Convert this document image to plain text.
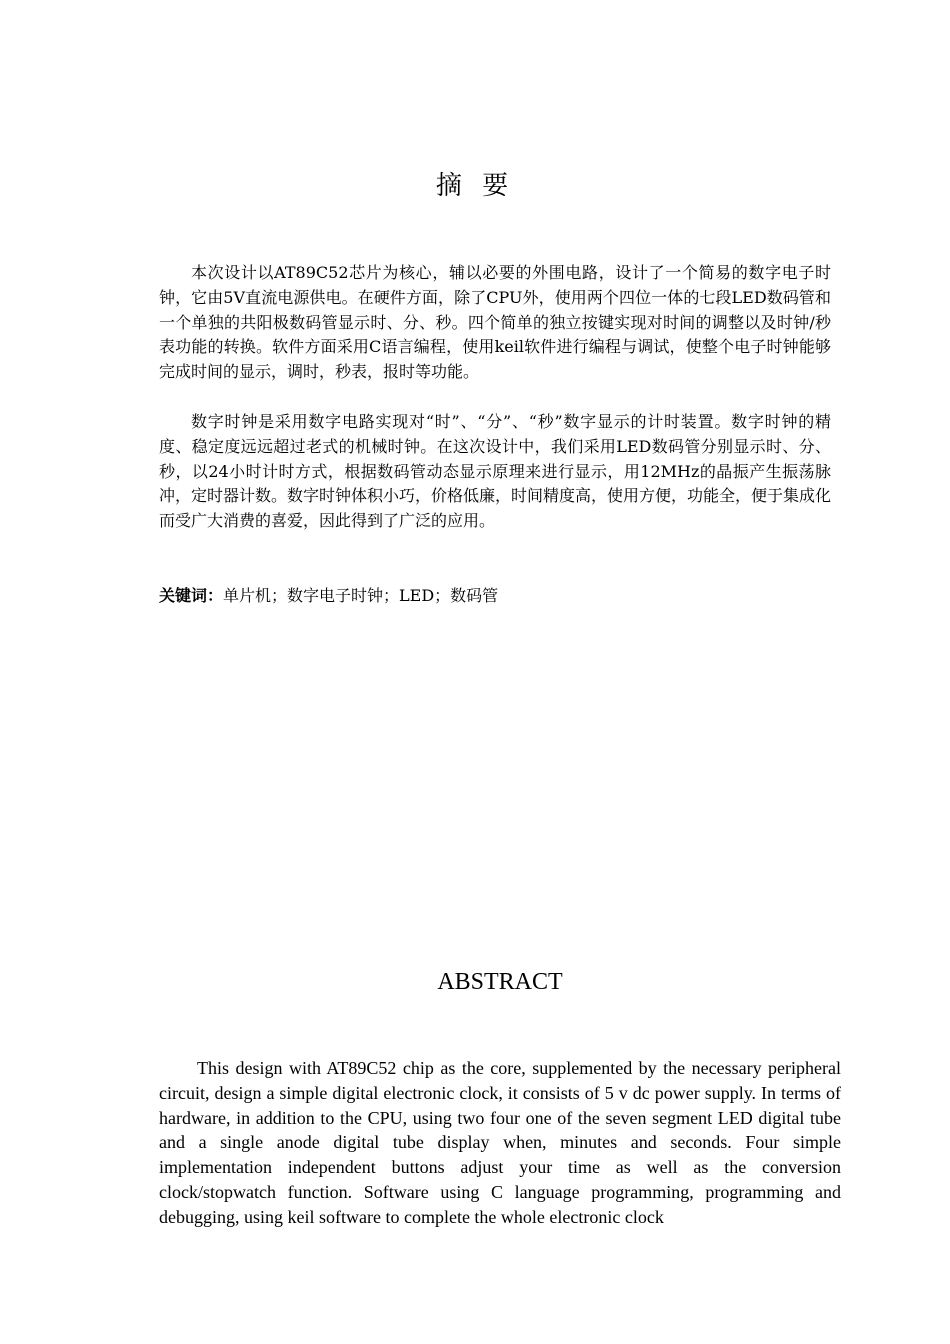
摘 要

本次设计以AT89C52芯片为核心，辅以必要的外围电路，设计了一个简易的数字电子时钟，它由5V直流电源供电。在硬件方面，除了CPU外，使用两个四位一体的七段LED数码管和一个单独的共阳极数码管显示时、分、秒。四个简单的独立按键实现对时间的调整以及时钟/秒表功能的转换。软件方面采用C语言编程，使用keil软件进行编程与调试，使整个电子时钟能够完成时间的显示，调时，秒表，报时等功能。

数字时钟是采用数字电路实现对“时”、“分”、“秒”数字显示的计时装置。数字时钟的精度、稳定度远远超过老式的机械时钟。在这次设计中，我们采用LED数码管分别显示时、分、秒，以24小时计时方式，根据数码管动态显示原理来进行显示，用12MHz的晶振产生振荡脉冲，定时器计数。数字时钟体积小巧，价格低廉，时间精度高，使用方便，功能全，便于集成化而受广大消费的喜爱，因此得到了广泛的应用。

关键词：单片机；数字电子时钟；LED；数码管
ABSTRACT

This design with AT89C52 chip as the core, supplemented by the necessary peripheral circuit, design a simple digital electronic clock, it consists of 5 v dc power supply. In terms of hardware, in addition to the CPU, using two four one of the seven segment LED digital tube and a single anode digital tube display when, minutes and seconds. Four simple implementation independent buttons adjust your time as well as the conversion clock/stopwatch function. Software using C language programming, programming and debugging, using keil software to complete the whole electronic clock
